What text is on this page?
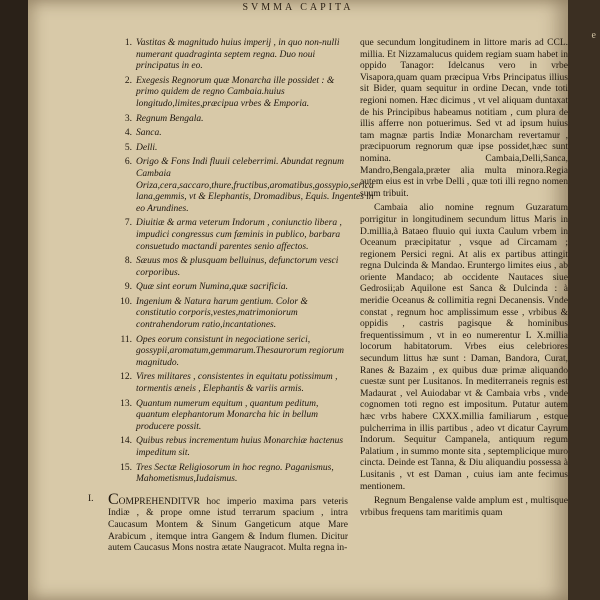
SVMMA CAPITA
1. Vastitas & magnitudo huius imperij , in quo non-nulli numerant quadraginta septem regna. Duo noui principatus in eo.
2. Exegesis Regnorum quæ Monarcha ille possidet : & primo quidem de regno Cambaia.huius longitudo,limites,præcipua vrbes & Emporia.
3. Regnum Bengala.
4. Sanca.
5. Delli.
6. Origo & Fons Indi fluuii celeberrimi. Abundat regnum Cambaia Oriza,cera,saccaro,thure,fructibus,aromatibus,gossypio,serica lana,gemmis, vt & Elephantis, Dromadibus, Equis. Ingentes in eo Arundines.
7. Diuitiæ & arma veterum Indorum , coniunctio libera , impudici congressus cum fæminis in publico, barbara consuetudo mactandi parentes senio affectos.
8. Sæuus mos & plusquam belluinus, defunctorum vesci corporibus.
9. Quæ sint eorum Numina,quæ sacrificia.
10. Ingenium & Natura harum gentium. Color & constitutio corporis,vestes,matrimoniorum contrahendorum ratio,incantationes.
11. Opes eorum consistunt in negociatione serici, gossypii,aromatum,gemmarum.Thesaurorum regiorum magnitudo.
12. Vires militares , consistentes in equitatu potissimum , tormentis æneis , Elephantis & variis armis.
13. Quantum numerum equitum , quantum peditum, quantum elephantorum Monarcha hic in bellum producere possit.
14. Quibus rebus incrementum huius Monarchiæ hactenus impeditum sit.
15. Tres Sectæ Religiosorum in hoc regno. Paganismus, Mahometismus,Iudaismus.
I. COMPREHENDITVR hoc imperio maxima pars veteris Indiæ , & prope omne istud terrarum spacium , intra Caucasum Montem & Sinum Gangeticum atque Mare Arabicum , itemque intra Gangem & Indum flumen. Dicitur autem Caucasus Mons nostra ætate Naugracot. Multa regna in-

que secundum longitudinem in littore maris ad CCL. millia. Et Nizzamalucus quidem regiam suam habet in oppido Tanagor: Idelcanus vero in vrbe Visapora,quam quam præcipua Vrbs Principatus illius sit Bider, quam sequitur in ordine Decan, vnde toti regioni nomen. Hæc dicimus , vt vel aliquam duntaxat de his Principibus habeamus notitiam , cum plura de illis afferre non potuerimus. Sed vt ad ipsum huius tam magnæ partis Indiæ Monarcham revertamur , præcipuorum regnorum quæ ipse possidet,hæc sunt nomina. Cambaia,Delli,Sanca, Mandro,Bengala,præter alia multa minora.Regia autem eius est in vrbe Delli , quæ toti illi regno nomen suum tribuit.

Cambaia alio nomine regnum Guzaratum porrigitur in longitudinem secundum littus Maris in D.millia,à Bataeo fluuio qui iuxta Caulum vrbem in Oceanum præcipitatur , vsque ad Circamam ; regionem Persici regni. At alis ex partibus attingit regna Dulcinda & Mandao. Eruntergo limites eius , ab oriente Mandaco; ab occidente Nautaces siue Gedrosii;ab Aquilone est Sanca & Dulcinda : à meridie Oceanus & collimitia regni Decanensis. Vnde constat , regnum hoc amplissimum esse , vrbibus & oppidis , castris pagisque & hominibus frequentissimum , vt in eo numerentur L X.millia locorum habitatorum. Vrbes eius celebriores secundum littus hæ sunt : Daman, Bandora, Curat, Ranes & Bazaim , ex quibus duæ primæ aliquando cuestæ sunt per Lusitanos. In mediterraneis regnis est Madaurat , vel Auiodabar vt & Cambaia vrbs , vnde cognomen toti regno est impositum. Putatur autem hæc vrbs habere CXXX.millia familiarum , estque pulcherrima in illis partibus , adeo vt dicatur Cayrum Indorum. Sequitur Campanela, antiquum regum Palatium , in summo monte sita , septemplicique muro cincta. Deinde est Tanna, & Diu aliquandiu possessa à Lusitanis , vt est Daman , cuius iam ante fecimus mentionem.

Regnum Bengalense valde amplum est , multisque vrbibus frequens tam maritimis quam

e
